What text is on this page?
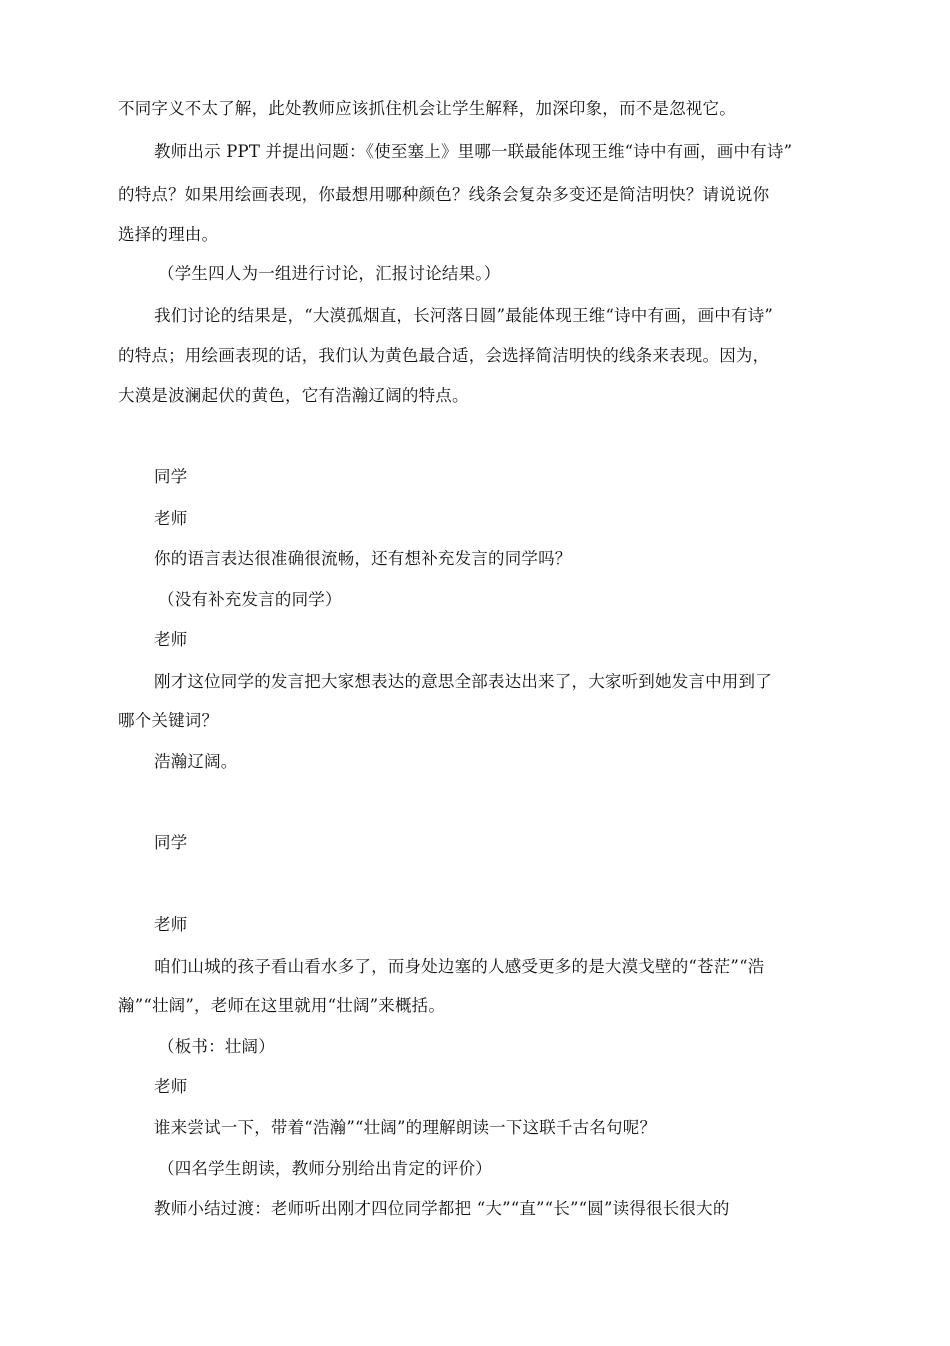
不同字义不太了解，此处教师应该抓住机会让学生解释，加深印象，而不是忽视它。
教师出示 PPT 并提出问题：《使至塞上》里哪一联最能体现王维“诗中有画，画中有诗”
的特点？如果用绘画表现，你最想用哪种颜色？线条会复杂多变还是简洁明快？请说说你
选择的理由。
（学生四人为一组进行讨论，汇报讨论结果。）
我们讨论的结果是，“大漠孤烟直，长河落日圆”最能体现王维“诗中有画，画中有诗”
的特点；用绘画表现的话，我们认为黄色最合适，会选择简洁明快的线条来表现。因为，
大漠是波澜起伏的黄色，它有浩瀚辽阔的特点。
同学
老师
你的语言表达很准确很流畅，还有想补充发言的同学吗？
（没有补充发言的同学）
老师
刚才这位同学的发言把大家想表达的意思全部表达出来了，大家听到她发言中用到了
哪个关键词？
浩瀚辽阔。
同学
老师
咱们山城的孩子看山看水多了，而身处边塞的人感受更多的是大漠戈壁的“苍茫”“浩
瀚”“壮阔”，老师在这里就用“壮阔”来概括。
（板书：壮阔）
老师
谁来尝试一下，带着“浩瀚”“壮阔”的理解朗读一下这联千古名句呢？
（四名学生朗读，教师分别给出肯定的评价）
教师小结过渡：老师听出刚才四位同学都把 “大”“直”“长”“圆”读得很长很大的
